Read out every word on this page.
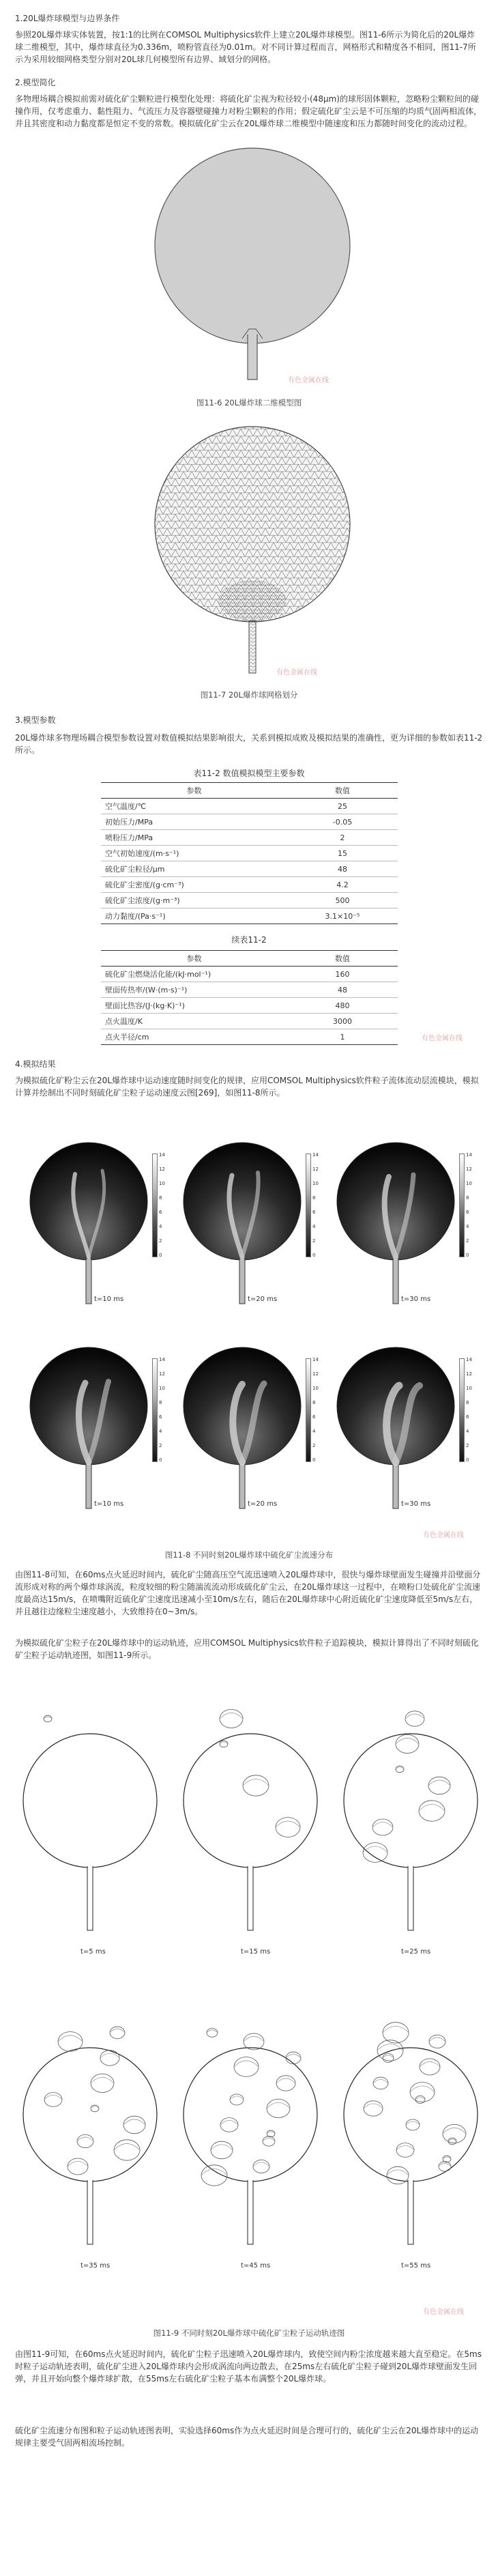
1.20L爆炸球模型与边界条件
参照20L爆炸球实体装置，按1:1的比例在COMSOL Multiphysics软件上建立20L爆炸球模型。图11-6所示为简化后的20L爆炸球二维模型，其中，爆炸球直径为0.336m，喷粉管直径为0.01m。对不同计算过程而言，网格形式和精度各不相同，图11-7所示为采用较细网格类型分别对20L球几何模型所有边界、域划分的网格。
2.模型简化
多物理场耦合模拟前需对硫化矿尘颗粒进行模型化处理：将硫化矿尘视为粒径较小(48μm)的球形固体颗粒，忽略粉尘颗粒间的碰撞作用，仅考虑重力、黏性阻力、气流压力及容器壁碰撞力对粉尘颗粒的作用；假定硫化矿尘云是不可压缩的均质气固两相流体，并且其密度和动力黏度都是恒定不变的常数。模拟硫化矿尘云在20L爆炸球二维模型中随速度和压力都随时间变化的流动过程。
有色金属在线
图11-6 20L爆炸球二维模型图
有色金属在线
图11-7 20L爆炸球网格划分
3.模型参数
20L爆炸球多物理场耦合模型参数设置对数值模拟结果影响很大，关系到模拟成败及模拟结果的准确性，更为详细的参数如表11-2所示。
表11-2 数值模拟模型主要参数
参数	数值
空气温度/℃	25
初始压力/MPa	-0.05
喷粉压力/MPa	2
空气初始速度/(m·s⁻¹)	15
硫化矿尘粒径/μm	48
硫化矿尘密度/(g·cm⁻³)	4.2
硫化矿尘浓度/(g·m⁻³)	500
动力黏度/(Pa·s⁻¹)	3.1×10⁻⁵
续表11-2
参数	数值
硫化矿尘燃烧活化能/(kJ·mol⁻¹)	160
壁面传热率/(W·(m·s)⁻¹)	48
壁面比热容/(J·(kg·K)⁻¹)	480
点火温度/K	3000
点火半径/cm	1	有色金属在线
4.模拟结果
为模拟硫化矿粉尘云在20L爆炸球中运动速度随时间变化的规律，应用COMSOL Multiphysics软件粒子流体流动层流模块，模拟计算并绘制出不同时刻硫化矿尘粒子运动速度云图[269]，如图11-8所示。
14
12
10
8
6
4
2
0
t=10 ms
14
12
10
8
6
4
2
0
t=20 ms
14
12
10
8
6
4
2
0
t=30 ms
14
12
10
8
6
4
2
0
t=10 ms
14
12
10
8
6
4
2
0
t=20 ms
14
12
10
8
6
4
2
0
t=30 ms
有色金属在线
图11-8 不同时刻20L爆炸球中硫化矿尘流速分布
由图11-8可知，在60ms点火延迟时间内，硫化矿尘随高压空气流迅速喷入20L爆炸球中，很快与爆炸球壁面发生碰撞并沿壁面分流形成对称的两个爆炸球涡流，粒度较细的粉尘随湍流流动形成硫化矿尘云，在20L爆炸球这一过程中，在喷粉口处硫化矿尘流速度最高达15m/s，在喷嘴附近硫化矿尘速度迅速减小至10m/s左右，随后在20L爆炸球中心附近硫化矿尘速度降低至5m/s左右，并且越往边缘粒尘速度越小，大致维持在0~3m/s。
为模拟硫化矿尘粒子在20L爆炸球中的运动轨迹，应用COMSOL Multiphysics软件粒子追踪模块，模拟计算得出了不同时刻硫化矿尘粒子运动轨迹图，如图11-9所示。
t=5 ms	t=15 ms	t=25 ms
t=35 ms	t=45 ms	t=55 ms
有色金属在线
图11-9 不同时刻20L爆炸球中硫化矿尘粒子运动轨迹图
由图11-9可知，在60ms点火延迟时间内，硫化矿尘粒子迅速喷入20L爆炸球内，致使空间内粉尘浓度越来越大直至稳定。在5ms时粒子运动轨迹表明，硫化矿尘进入20L爆炸球内会形成涡流向两边散去，在25ms左右硫化矿尘粒子碰到20L爆炸球壁面发生回弹，并且开始向整个爆炸球扩散，在55ms左右硫化矿尘粒子基本布满整个20L爆炸球。
硫化矿尘流速分布图和粒子运动轨迹图表明，实验选择60ms作为点火延迟时间是合理可行的，硫化矿尘云在20L爆炸球中的运动规律主要受气固两相流场控制。
